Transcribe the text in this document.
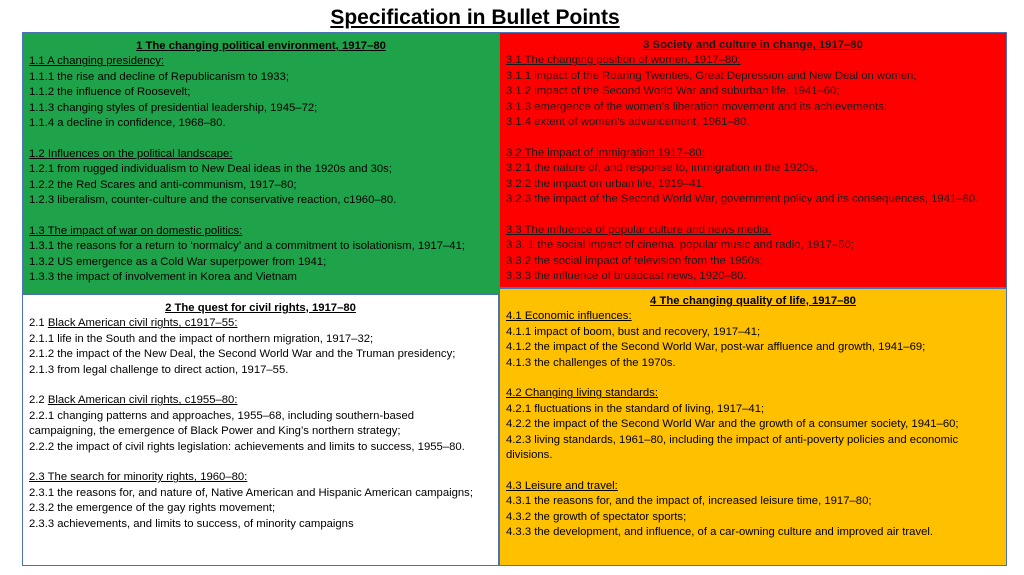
Specification in Bullet Points
1 The changing political environment, 1917–80
1.1 A changing presidency:
1.1.1 the rise and decline of Republicanism to 1933;
1.1.2 the influence of Roosevelt;
1.1.3 changing styles of presidential leadership, 1945–72;
1.1.4 a decline in confidence, 1968–80.
1.2 Influences on the political landscape:
1.2.1 from rugged individualism to New Deal ideas in the 1920s and 30s;
1.2.2 the Red Scares and anti-communism, 1917–80;
1.2.3 liberalism, counter-culture and the conservative reaction, c1960–80.
1.3 The impact of war on domestic politics:
1.3.1 the reasons for a return to ‘normalcy’ and a commitment to isolationism, 1917–41;
1.3.2 US emergence as a Cold War superpower from 1941;
1.3.3 the impact of involvement in Korea and Vietnam
2 The quest for civil rights, 1917–80
2.1 Black American civil rights, c1917–55:
2.1.1 life in the South and the impact of northern migration, 1917–32;
2.1.2 the impact of the New Deal, the Second World War and the Truman presidency;
2.1.3 from legal challenge to direct action, 1917–55.
2.2 Black American civil rights, c1955–80:
2.2.1 changing patterns and approaches, 1955–68, including southern-based
campaigning, the emergence of Black Power and King’s northern strategy;
2.2.2 the impact of civil rights legislation: achievements and limits to success, 1955–80.
2.3 The search for minority rights, 1960–80:
2.3.1 the reasons for, and nature of, Native American and Hispanic American campaigns;
2.3.2 the emergence of the gay rights movement;
2.3.3 achievements, and limits to success, of minority campaigns
3 Society and culture in change, 1917–80
3.1 The changing position of women, 1917–80:
3.1.1 impact of the Roaring Twenties, Great Depression and New Deal on women;
3.1.2 impact of the Second World War and suburban life, 1941–60;
3.1.3 emergence of the women’s liberation movement and its achievements;
3.1.4 extent of women’s advancement, 1961–80.
3.2 The impact of immigration 1917–80:
3.2.1 the nature of, and response to, immigration in the 1920s;
3.2.2 the impact on urban life, 1919–41;
3.2.3 the impact of the Second World War, government policy and its consequences, 1941–80.
3.3 The influence of popular culture and news media:
3.3. 1 the social impact of cinema, popular music and radio, 1917–50;
3.3.2 the social impact of television from the 1950s;
3.3.3 the influence of broadcast news, 1920–80.
4 The changing quality of life, 1917–80
4.1 Economic influences:
4.1.1 impact of boom, bust and recovery, 1917–41;
4.1.2 the impact of the Second World War, post-war affluence and growth, 1941–69;
4.1.3 the challenges of the 1970s.
4.2 Changing living standards:
4.2.1 fluctuations in the standard of living, 1917–41;
4.2.2 the impact of the Second World War and the growth of a consumer society, 1941–60;
4.2.3 living standards, 1961–80, including the impact of anti-poverty policies and economic
divisions.
4.3 Leisure and travel:
4.3.1 the reasons for, and the impact of, increased leisure time, 1917–80;
4.3.2 the growth of spectator sports;
4.3.3 the development, and influence, of a car-owning culture and improved air travel.
